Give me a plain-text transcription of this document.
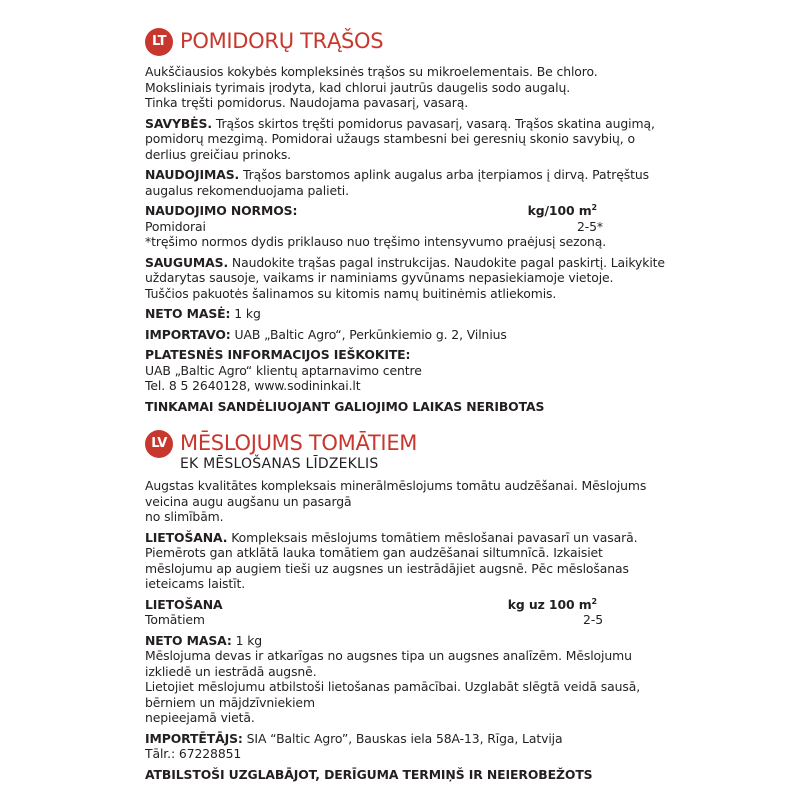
LT POMIDORŲ TRĄŠOS

Aukščiausios kokybės kompleksinės trąšos su mikroelementais. Be chloro.

Moksliniais tyrimais įrodyta, kad chlorui jautrūs daugelis sodo augalų.

Tinka tręšti pomidorus. Naudojama pavasarį, vasarą.

SAVYBĖS. Trąšos skirtos tręšti pomidorus pavasarį, vasarą. Trąšos skatina augimą,

pomidorų mezgimą. Pomidorai užaugs stambesni bei geresnių skonio savybių, o

derlius greičiau prinoks.

NAUDOJIMAS. Trąšos barstomos aplink augalus arba įterpiamos į dirvą. Patręštus

augalus rekomenduojama palieti.

NAUDOJIMO NORMOS:	kg/100 $m^2$
Pomidorai	2-5*

*tręšimo normos dydis priklauso nuo tręšimo intensyvumo praėjusį sezoną.

SAUGUMAS. Naudokite trąšas pagal instrukcijas. Naudokite pagal paskirtį. Laikykite

uždarytas sausoje, vaikams ir naminiams gyvūnams nepasiekiamoje vietoje.

Tuščios pakuotės šalinamos su kitomis namų buitinėmis atliekomis.

NETO MASĖ: 1 kg

IMPORTAVO: UAB „Baltic Agro“, Perkūnkiemio g. 2, Vilnius

PLATESNĖS INFORMACIJOS IEŠKOKITE:

UAB „Baltic Agro“ klientų aptarnavimo centre

Tel. 8 5 2640128, www.sodininkai.lt

TINKAMAI SANDĖLIUOJANT GALIOJIMO LAIKAS NERIBOTAS

LV MĒSLOJUMS TOMĀTIEM
EK MĒSLOŠANAS LĪDZEKLIS

Augstas kvalitātes kompleksais minerālmēslojums tomātu audzēšanai. Mēslojums

veicina augu augšanu un pasargā

no slimībām.

LIETOŠANA. Kompleksais mēslojums tomātiem mēslošanai pavasarī un vasarā.

Piemērots gan atklātā lauka tomātiem gan audzēšanai siltumnīcā. Izkaisiet

mēslojumu ap augiem tieši uz augsnes un iestrādājiet augsnē. Pēc mēslošanas

ieteicams laistīt.

LIETOŠANA	kg uz 100 $m^2$
Tomātiem	2-5

NETO MASA: 1 kg

Mēslojuma devas ir atkarīgas no augsnes tipa un augsnes analīzēm. Mēslojumu

izkliedē un iestrādā augsnē.

Lietojiet mēslojumu atbilstoši lietošanas pamācībai. Uzglabāt slēgtā veidā sausā,

bērniem un mājdzīvniekiem

nepieejamā vietā.

IMPORTĒTĀJS: SIA “Baltic Agro”, Bauskas iela 58A-13, Rīga, Latvija

Tālr.: 67228851

ATBILSTOŠI UZGLABĀJOT, DERĪGUMA TERMIŅŠ IR NEIEROBEŽOTS
